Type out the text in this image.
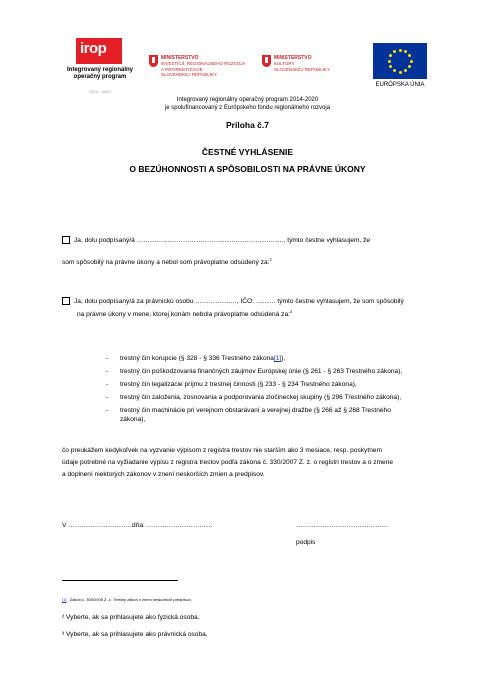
irop
Integrovaný regionálny
operačný program
2014 - 2020
MINISTERSTVO
INVESTÍCIÍ, REGIONÁLNEHO ROZVOJA
A INFORMATIZÁCIE
SLOVENSKEJ REPUBLIKY
MINISTERSTVO
KULTÚRY
SLOVENSKEJ REPUBLIKY
EURÓPSKA ÚNIA
Integrovaný regionálny operačný program 2014-2020
je spolufinancovaný z Európskeho fondu regionálneho rozvoja
Príloha č.7
ČESTNÉ VYHLÁSENIE
O BEZÚHONNOSTI A SPÔSOBILOSTI NA PRÁVNE ÚKONY
Ja, dolu podpísaný/á …………………………………………………………., týmto čestne vyhlasujem, že
som spôsobilý na právne úkony a nebol som právoplatne odsúdený za:$^2$
Ja, dolu podpísaný/á za právnickú osobu ………………., IČO: ……… týmto čestne vyhlasujem, že som spôsobilý
na právne úkony v mene, ktorej konám nebola právoplatne odsúdená za:$^3$
- trestný čin korupcie (§ 328 - § 336 Trestného zákona[1]),
- trestný čin poškodzovania finančných záujmov Európskej únie (§ 261 - § 263 Trestného zákona),
- trestný čin legalizácie príjmu z trestnej činnosti (§ 233 - § 234 Trestného zákona),
- trestný čin založenia, zosnovania a podporovania zločineckej skupiny (§ 296 Trestného zákona),
- trestný čin machinácie pri verejnom obstarávaní a verejnej dražbe (§ 266 až § 268 Trestného
zákona),
čo preukážem kedykoľvek na vyzvanie výpisom z registra trestov nie starším ako 3 mesiace, resp. poskytnem
údaje potrebné na vyžiadanie výpisu z registra trestov podľa zákona č. 330/2007 Z. z. o registri trestov a o zmene
a doplnení niektorých zákonov v znení neskorších zmien a predpisov.
V …………………………
dňa: …………………………	……………………………………
podpis
[1] Zákon č. 300/2005 Z. z. Trestný zákon v znení neskorších predpisov.
² Vyberte, ak sa prihlasujete ako fyzická osoba.
³ Vyberte, ak sa prihlasujete ako právnická osoba.
